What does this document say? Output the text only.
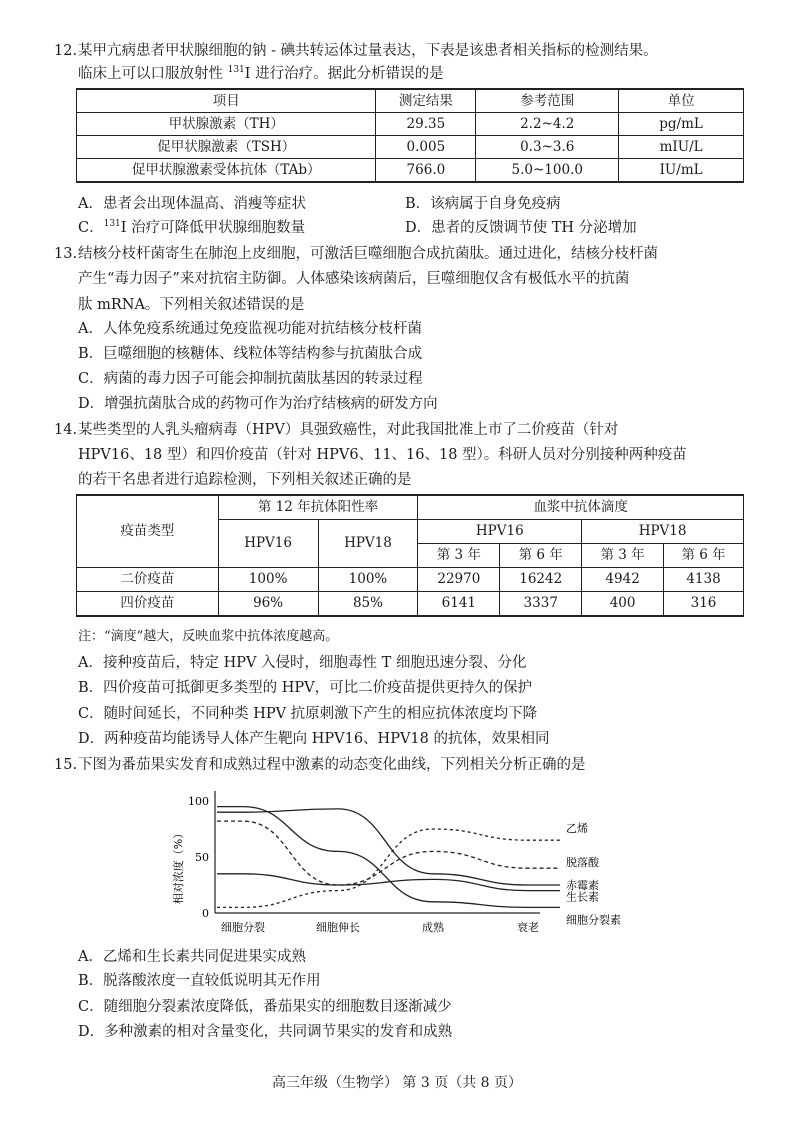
12. 某甲亢病患者甲状腺细胞的钠 - 碘共转运体过量表达，下表是该患者相关指标的检测结果。
临床上可以口服放射性 $^{131}$I 进行治疗。据此分析错误的是
项目	测定结果	参考范围	单位
甲状腺激素（TH）	29.35	2.2~4.2	pg/mL
促甲状腺激素（TSH）	0.005	0.3~3.6	mIU/L
促甲状腺激素受体抗体（TAb）	766.0	5.0~100.0	IU/mL
A．患者会出现体温高、消瘦等症状	B．该病属于自身免疫病
C．$^{131}$I 治疗可降低甲状腺细胞数量	D．患者的反馈调节使 TH 分泌增加
13. 结核分枝杆菌寄生在肺泡上皮细胞，可激活巨噬细胞合成抗菌肽。通过进化，结核分枝杆菌
产生“毒力因子”来对抗宿主防御。人体感染该病菌后，巨噬细胞仅含有极低水平的抗菌
肽 mRNA。下列相关叙述错误的是
A．人体免疫系统通过免疫监视功能对抗结核分枝杆菌
B．巨噬细胞的核糖体、线粒体等结构参与抗菌肽合成
C．病菌的毒力因子可能会抑制抗菌肽基因的转录过程
D．增强抗菌肽合成的药物可作为治疗结核病的研发方向
14. 某些类型的人乳头瘤病毒（HPV）具强致癌性，对此我国批准上市了二价疫苗（针对
HPV16、18 型）和四价疫苗（针对 HPV6、11、16、18 型）。科研人员对分别接种两种疫苗
的若干名患者进行追踪检测，下列相关叙述正确的是
疫苗类型	第 12 年抗体阳性率		血浆中抗体滴度			
	HPV16	HPV18	HPV16		HPV18	
			第 3 年	第 6 年	第 3 年	第 6 年
二价疫苗	100%	100%	22970	16242	4942	4138
四价疫苗	96%	85%	6141	3337	400	316
注：“滴度”越大，反映血浆中抗体浓度越高。
A．接种疫苗后，特定 HPV 入侵时，细胞毒性 T 细胞迅速分裂、分化
B．四价疫苗可抵御更多类型的 HPV，可比二价疫苗提供更持久的保护
C．随时间延长，不同种类 HPV 抗原刺激下产生的相应抗体浓度均下降
D．两种疫苗均能诱导人体产生靶向 HPV16、HPV18 的抗体，效果相同
15. 下图为番茄果实发育和成熟过程中激素的动态变化曲线，下列相关分析正确的是
相对浓度（%）
0
50
100
细胞分裂	细胞伸长	成熟	衰老
乙烯
脱落酸
赤霉素
生长素
细胞分裂素
A．乙烯和生长素共同促进果实成熟
B．脱落酸浓度一直较低说明其无作用
C．随细胞分裂素浓度降低，番茄果实的细胞数目逐渐减少
D．多种激素的相对含量变化，共同调节果实的发育和成熟
高三年级（生物学） 第 3 页（共 8 页）
